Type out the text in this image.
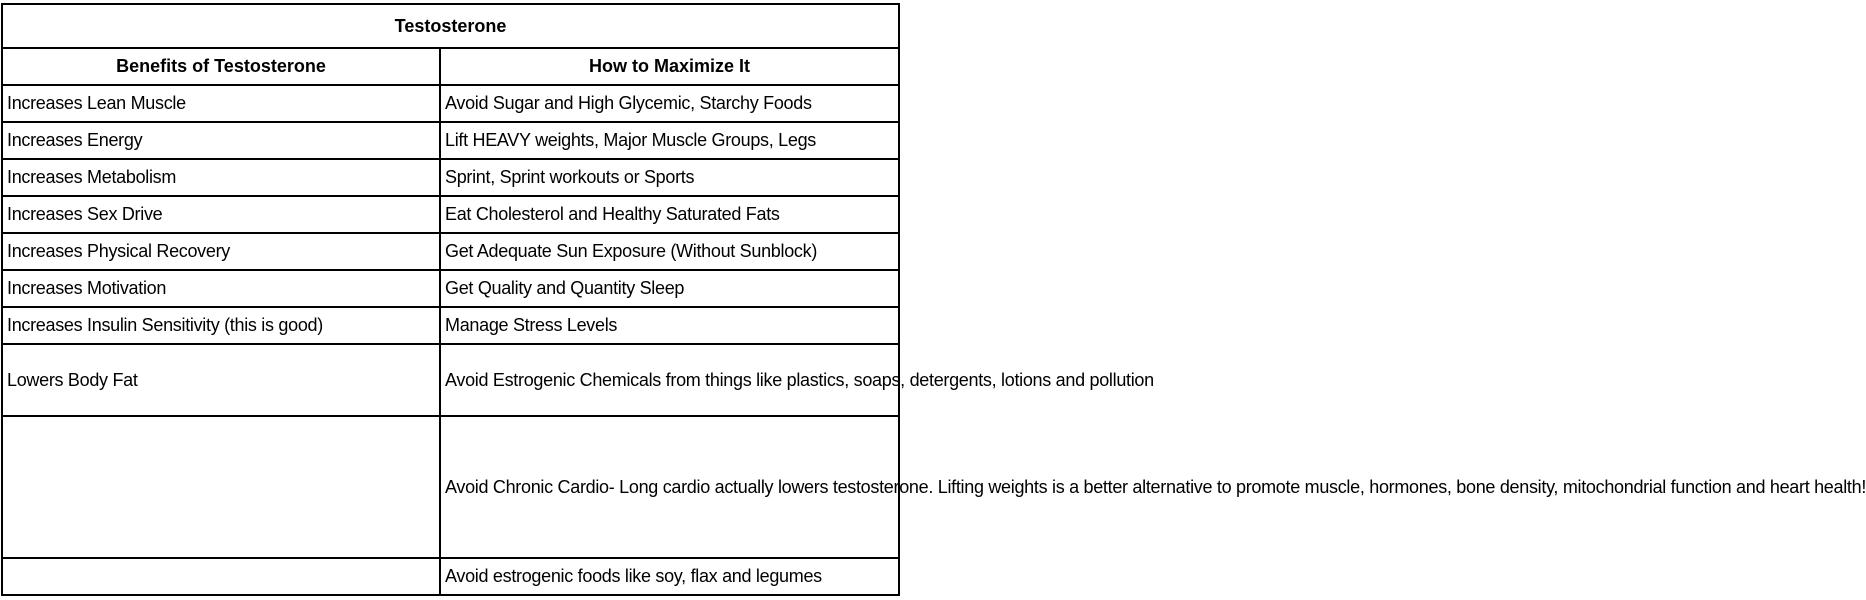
Testosterone	
Benefits of Testosterone	How to Maximize It
Increases Lean Muscle	Avoid Sugar and High Glycemic, Starchy Foods
Increases Energy	Lift HEAVY weights, Major Muscle Groups, Legs
Increases Metabolism	Sprint, Sprint workouts or Sports
Increases Sex Drive	Eat Cholesterol and Healthy Saturated Fats
Increases Physical Recovery	Get Adequate Sun Exposure (Without Sunblock)
Increases Motivation	Get Quality and Quantity Sleep
Increases Insulin Sensitivity (this is good)	Manage Stress Levels
Lowers Body Fat	Avoid Estrogenic Chemicals from things like plastics, soaps, detergents, lotions and pollution
	Avoid Chronic Cardio- Long cardio actually lowers testosterone. Lifting weights is a better alternative to promote muscle, hormones, bone density, mitochondrial function and heart health!
	Avoid estrogenic foods like soy, flax and legumes
